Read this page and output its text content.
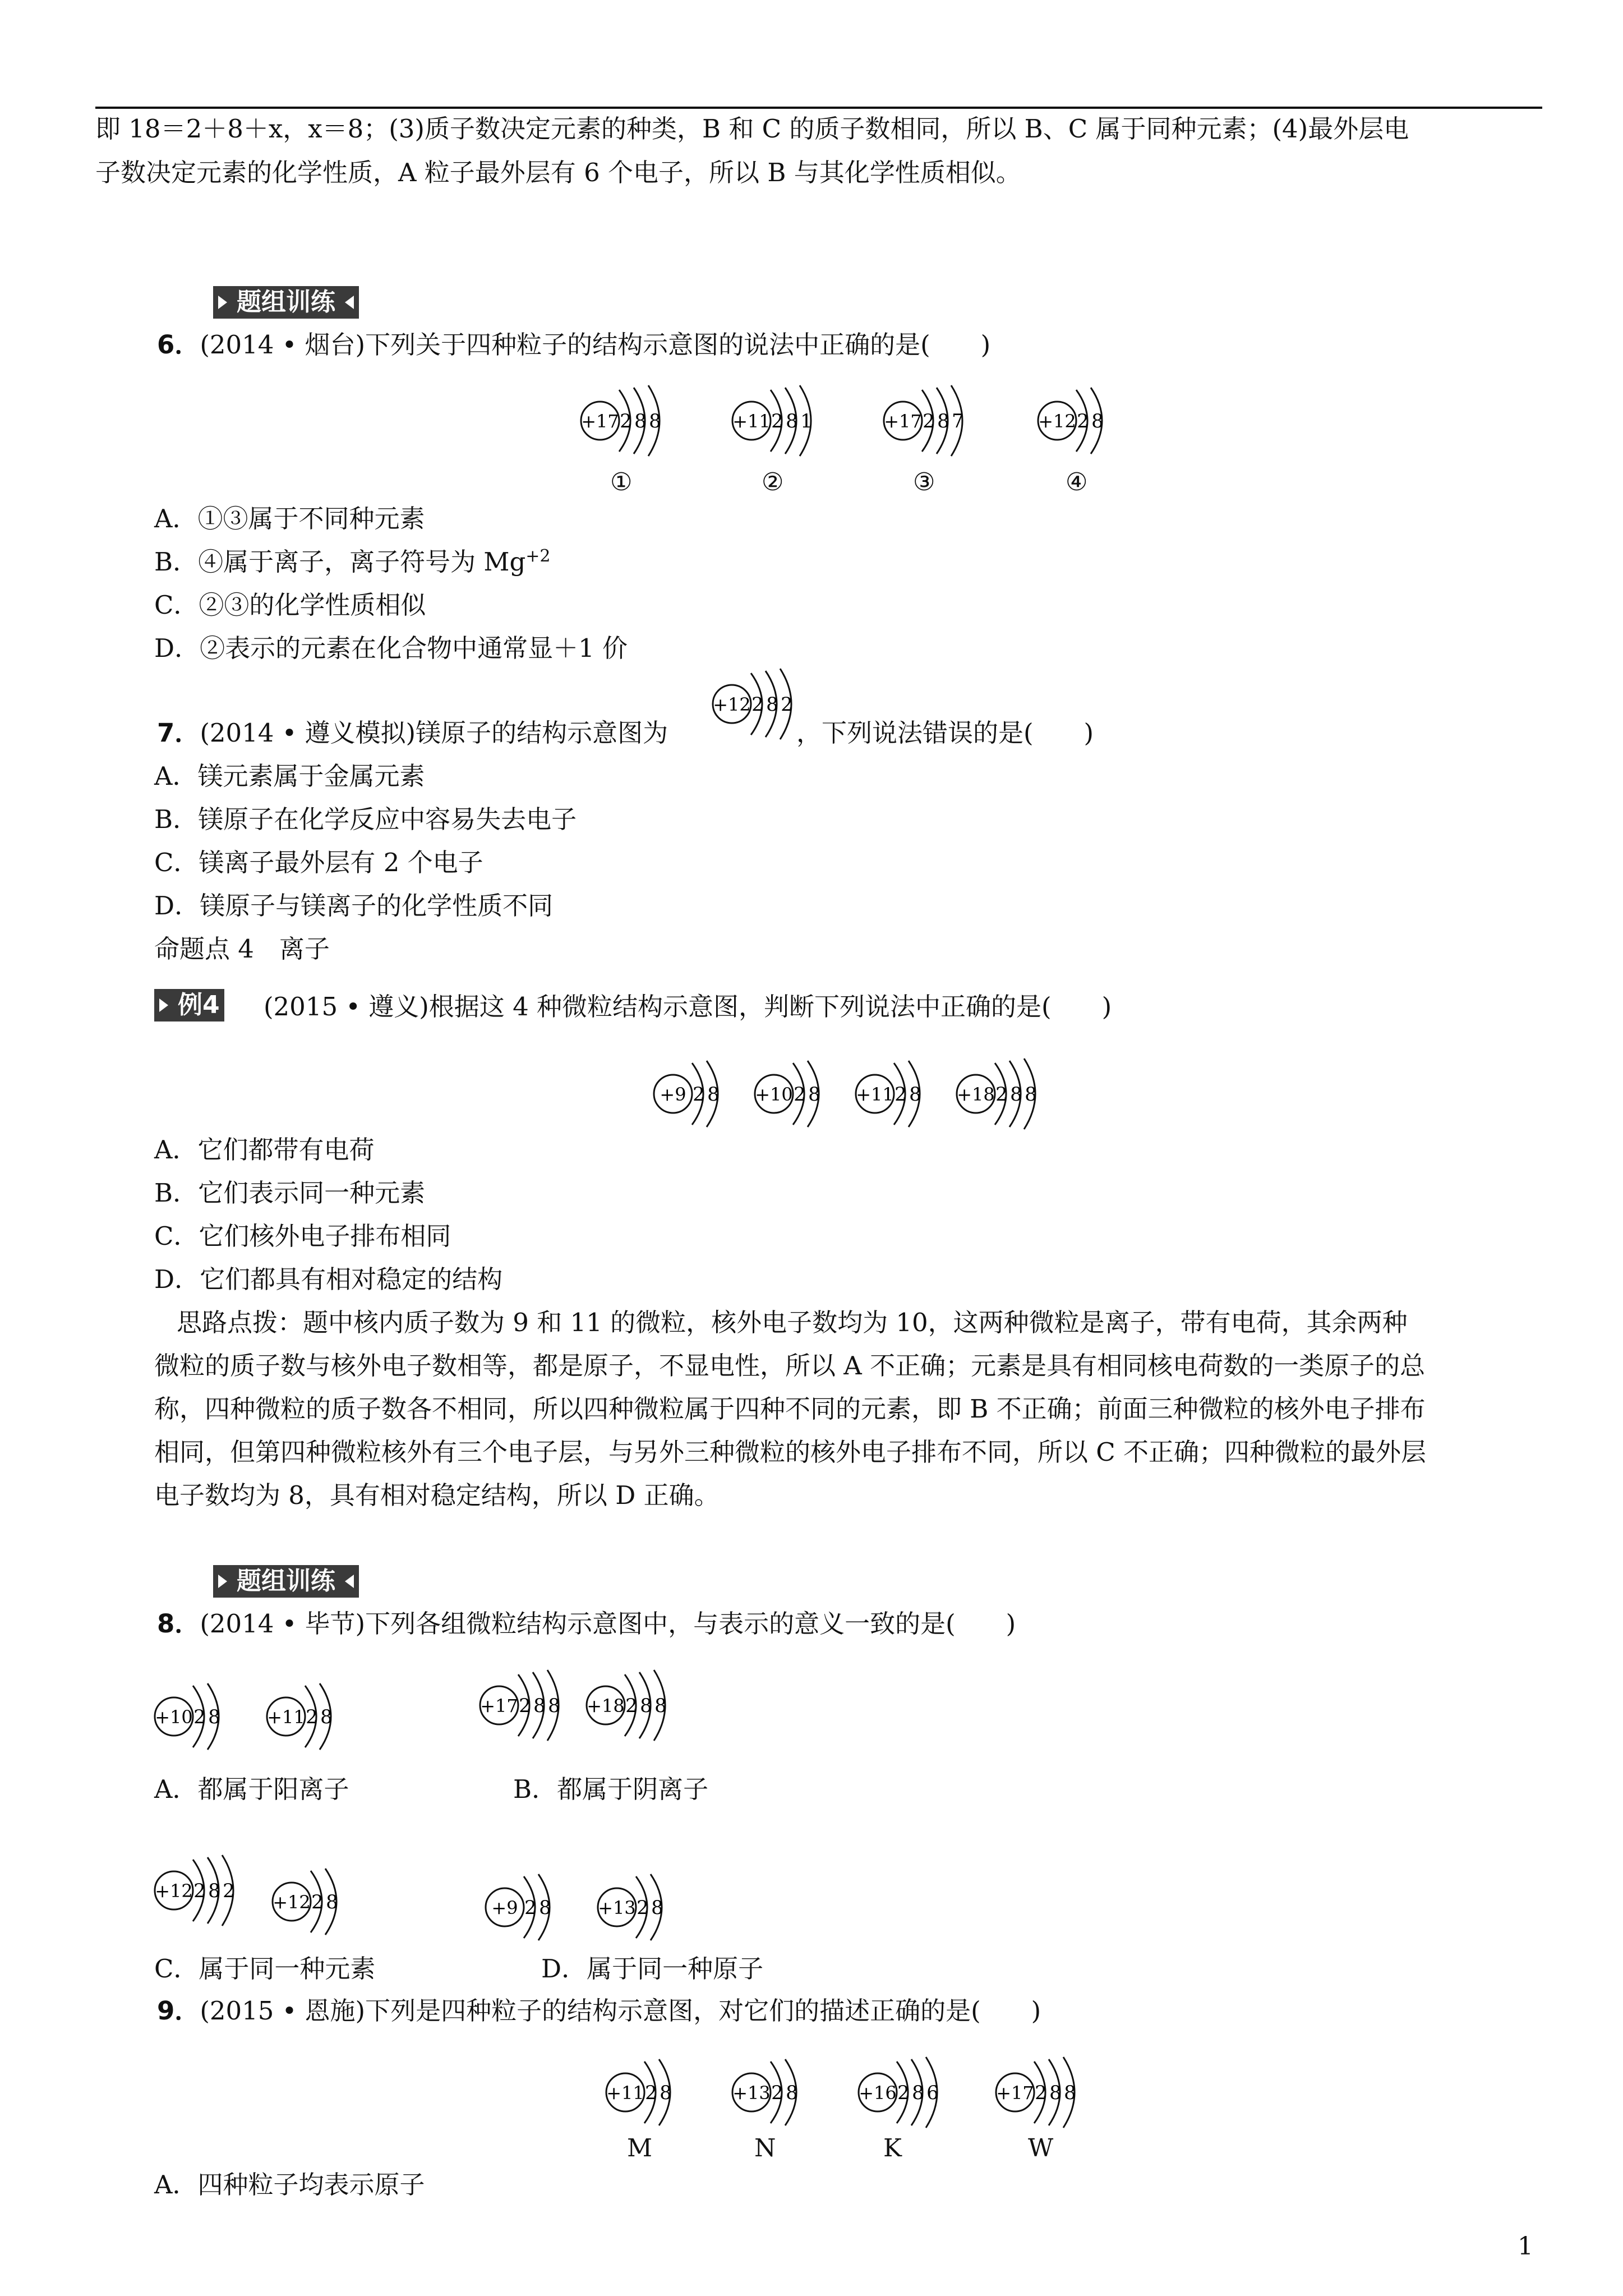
即 18＝2＋8＋x，x＝8；(3)质子数决定元素的种类，B 和 C 的质子数相同，所以 B、C 属于同种元素；(4)最外层电
子数决定元素的化学性质，A 粒子最外层有 6 个电子，所以 B 与其化学性质相似。
题组训练
6．(2014 • 烟台)下列关于四种粒子的结构示意图的说法中正确的是(　　)
+17 2 8 8	+11 2 8 1	+17 2 8 7	+12 2 8
①	②	③	④
A．①③属于不同种元素
B．④属于离子，离子符号为 $Mg^{+2}$
C．②③的化学性质相似
D．②表示的元素在化合物中通常显＋1 价
7．(2014 • 遵义模拟)镁原子的结构示意图为
+12 2 8 2
，下列说法错误的是(　　)
A．镁元素属于金属元素
B．镁原子在化学反应中容易失去电子
C．镁离子最外层有 2 个电子
D．镁原子与镁离子的化学性质不同
命题点 4　离子
例4 (2015 • 遵义)根据这 4 种微粒结构示意图，判断下列说法中正确的是(　　)
+9 2 8 +10 2 8 +11 2 8 +18 2 8 8
A．它们都带有电荷
B．它们表示同一种元素
C．它们核外电子排布相同
D．它们都具有相对稳定的结构
思路点拨：题中核内质子数为 9 和 11 的微粒，核外电子数均为 10，这两种微粒是离子，带有电荷，其余两种
微粒的质子数与核外电子数相等，都是原子，不显电性，所以 A 不正确；元素是具有相同核电荷数的一类原子的总
称，四种微粒的质子数各不相同，所以四种微粒属于四种不同的元素，即 B 不正确；前面三种微粒的核外电子排布
相同，但第四种微粒核外有三个电子层，与另外三种微粒的核外电子排布不同，所以 C 不正确；四种微粒的最外层
电子数均为 8，具有相对稳定结构，所以 D 正确。
题组训练
8．(2014 • 毕节)下列各组微粒结构示意图中，与表示的意义一致的是(　　)
+10 2 8	+11 2 8	+17 2 8 8 +18 2 8 8
A．都属于阳离子	B．都属于阴离子
+12 2 8 2 +12 2 8	+9 2 8	+13 2 8
C．属于同一种元素	D．属于同一种原子
9．(2015 • 恩施)下列是四种粒子的结构示意图，对它们的描述正确的是(　　)
+11 2 8	+13 2 8	+16 2 8 6	+17 2 8 8
M	N	K	W
A．四种粒子均表示原子
1
